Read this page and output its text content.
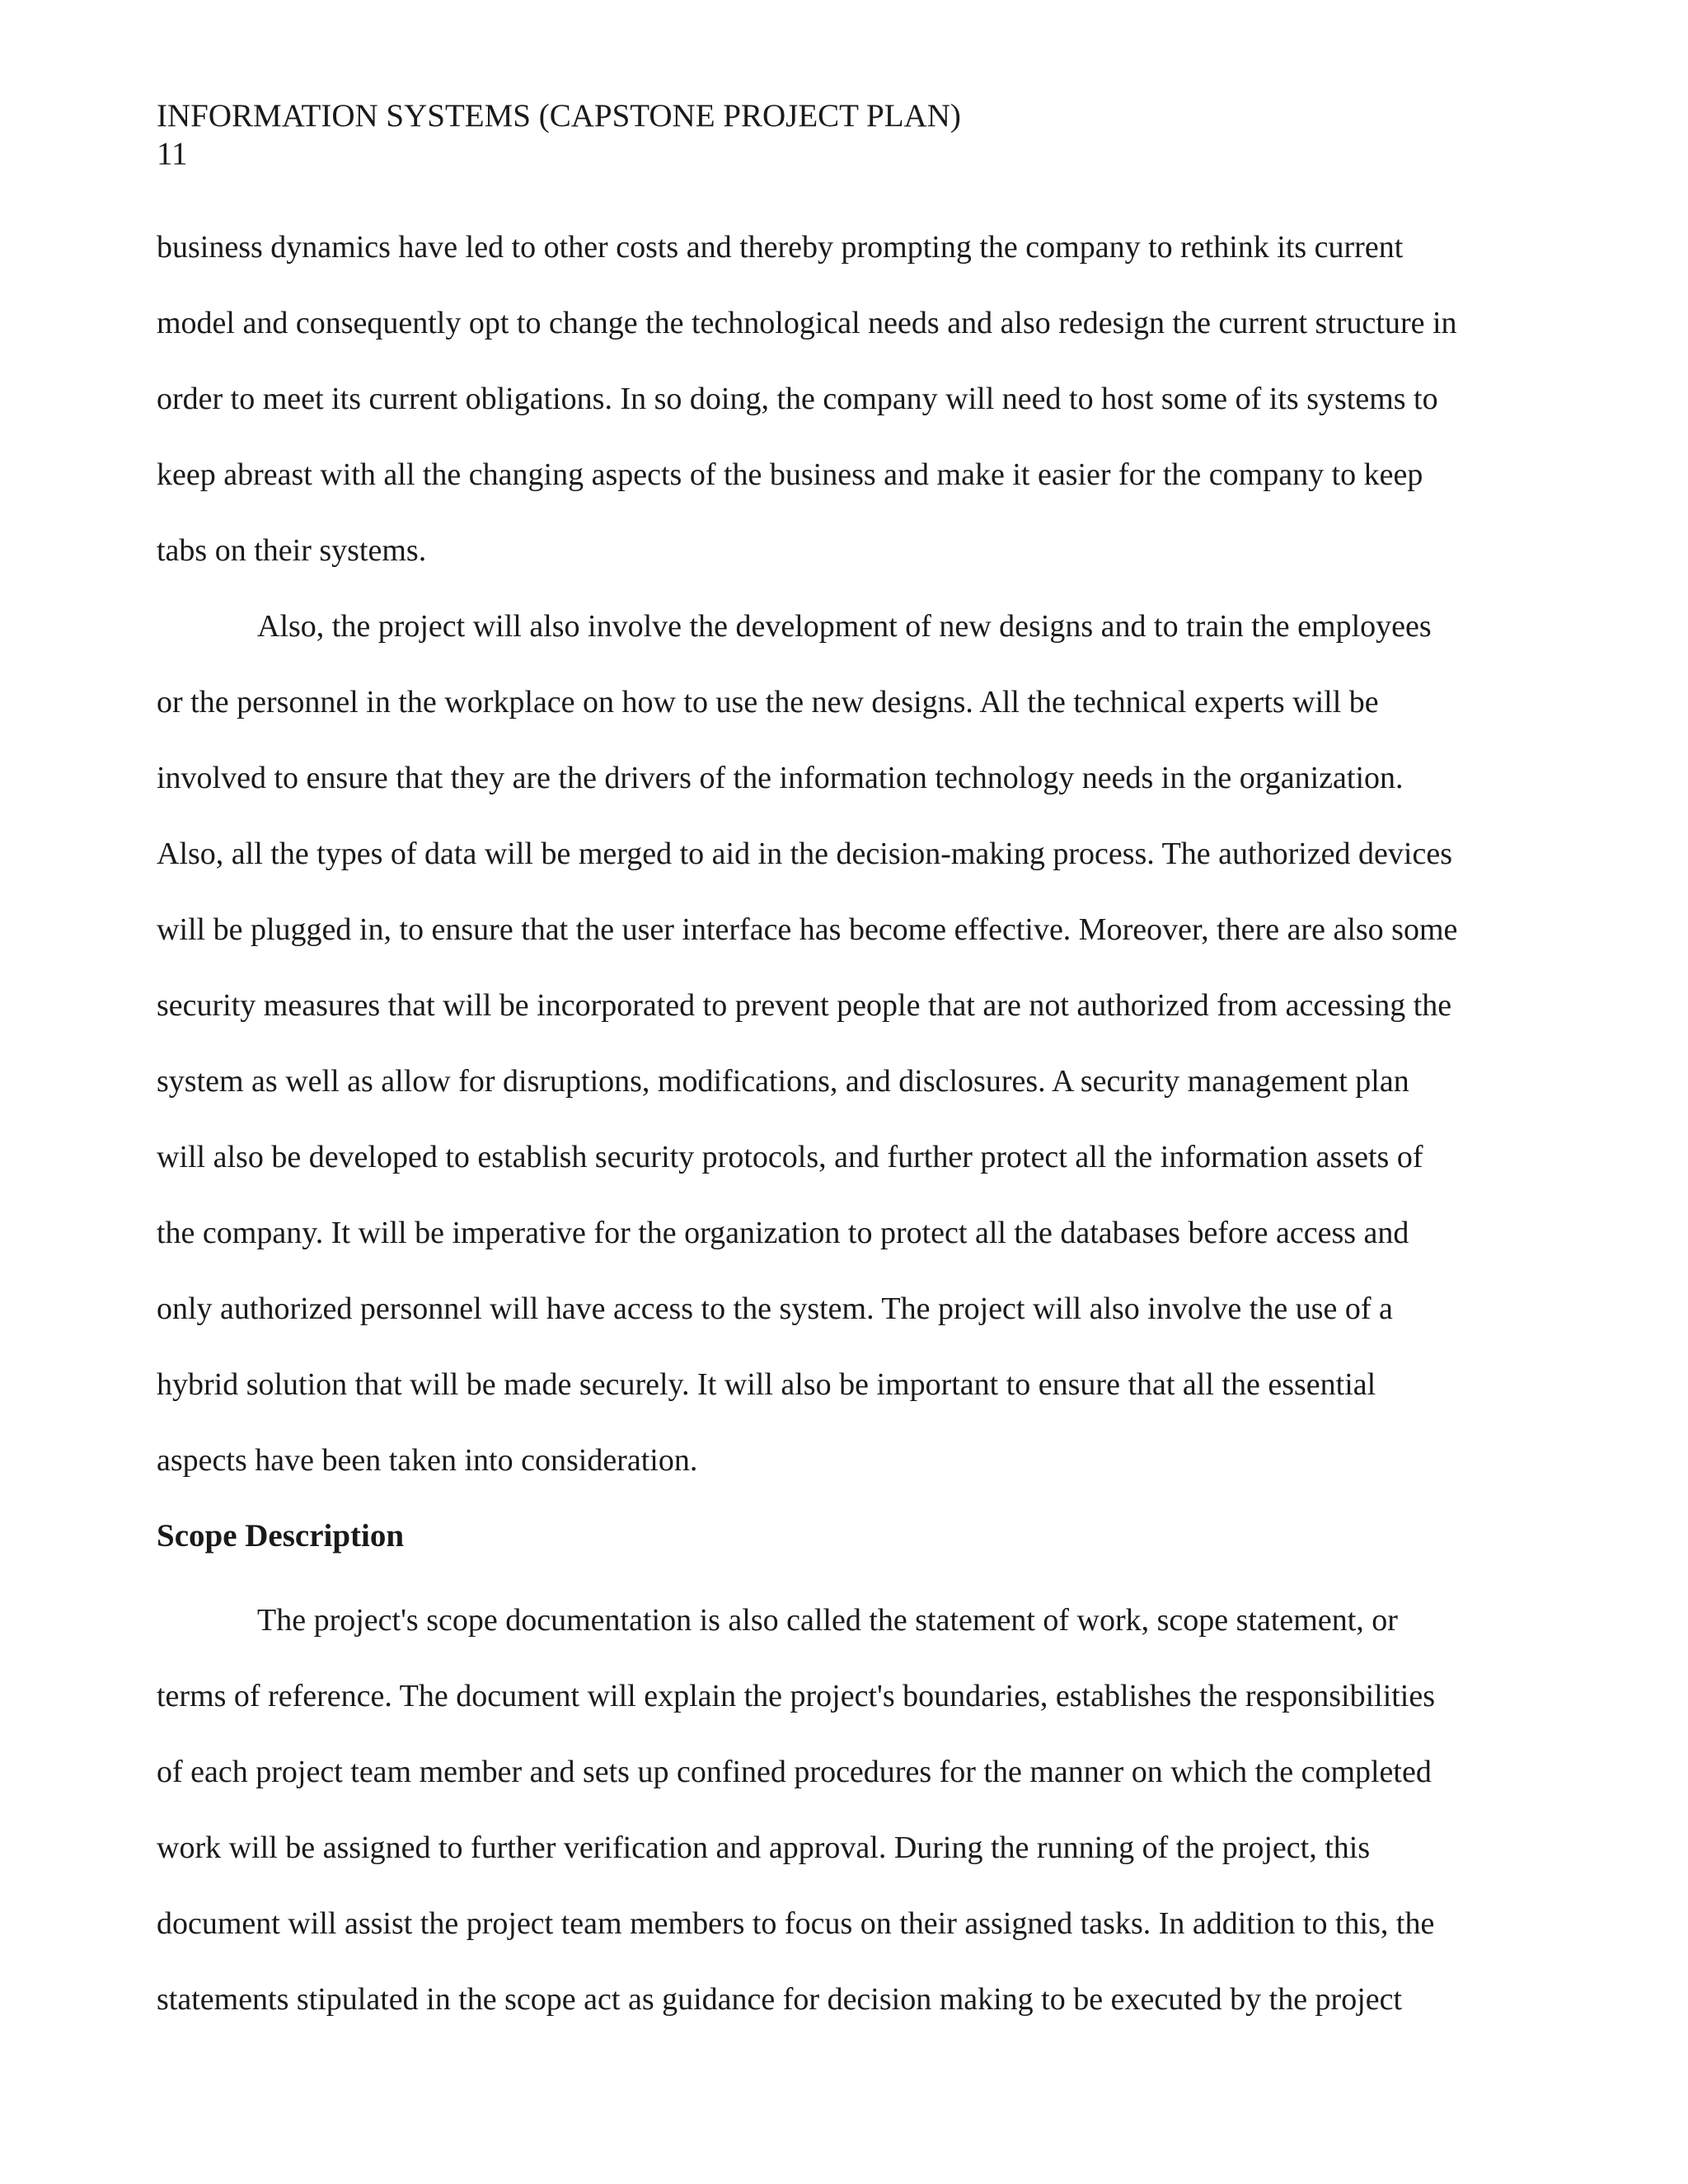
INFORMATION SYSTEMS (CAPSTONE PROJECT PLAN)
11

business dynamics have led to other costs and thereby prompting the company to rethink its current
model and consequently opt to change the technological needs and also redesign the current structure in
order to meet its current obligations. In so doing, the company will need to host some of its systems to
keep abreast with all the changing aspects of the business and make it easier for the company to keep
tabs on their systems.

Also, the project will also involve the development of new designs and to train the employees
or the personnel in the workplace on how to use the new designs. All the technical experts will be
involved to ensure that they are the drivers of the information technology needs in the organization.
Also, all the types of data will be merged to aid in the decision-making process. The authorized devices
will be plugged in, to ensure that the user interface has become effective. Moreover, there are also some
security measures that will be incorporated to prevent people that are not authorized from accessing the
system as well as allow for disruptions, modifications, and disclosures. A security management plan
will also be developed to establish security protocols, and further protect all the information assets of
the company. It will be imperative for the organization to protect all the databases before access and
only authorized personnel will have access to the system. The project will also involve the use of a
hybrid solution that will be made securely. It will also be important to ensure that all the essential
aspects have been taken into consideration.

Scope Description

The project's scope documentation is also called the statement of work, scope statement, or
terms of reference. The document will explain the project's boundaries, establishes the responsibilities
of each project team member and sets up confined procedures for the manner on which the completed
work will be assigned to further verification and approval. During the running of the project, this
document will assist the project team members to focus on their assigned tasks. In addition to this, the
statements stipulated in the scope act as guidance for decision making to be executed by the project
